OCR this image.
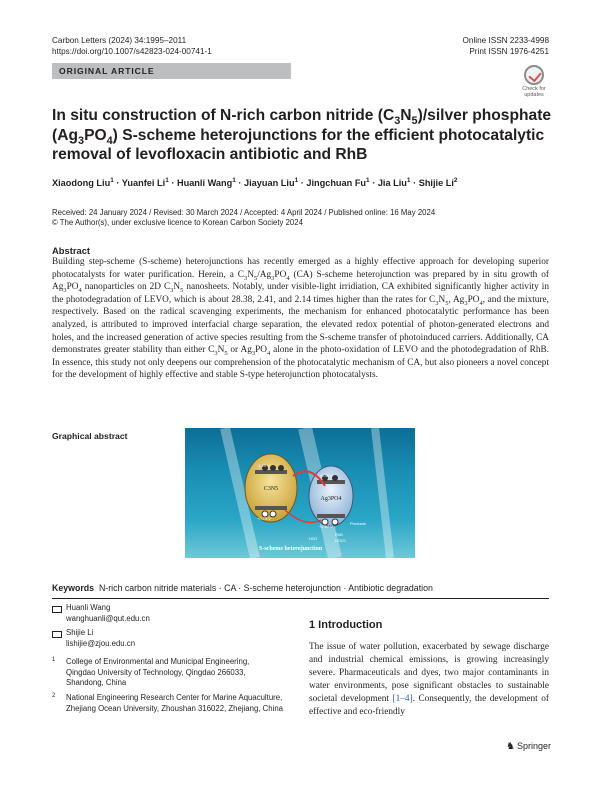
Carbon Letters (2024) 34:1995–2011
https://doi.org/10.1007/s42823-024-00741-1
Online ISSN 2233-4998
Print ISSN 1976-4251
ORIGINAL ARTICLE
Check for
updates
In situ construction of N-rich carbon nitride $(C_3N_5)$/silver phosphate
$(Ag_3PO_4)$ S-scheme heterojunctions for the efficient photocatalytic
removal of levofloxacin antibiotic and RhB
Xiaodong Liu$^1$ · Yuanfei $Li^1$ · Huanli Wang$^1$ · Jiayuan Liu$^1$ · Jingchuan $Fu^1$ · Jia Liu$^1$ · Shijie Li$^2$
Received: 24 January 2024 / Revised: 30 March 2024 / Accepted: 4 April 2024 / Published online: 16 May 2024
© The Author(s), under exclusive licence to Korean Carbon Society 2024
Abstract

Building step-scheme (S-scheme) heterojunctions has recently emerged as a highly effective approach for developing superior photocatalysts for water purification. Herein, a $C_3N_5/Ag_3PO_4$ (CA) S-scheme heterojunction was prepared by in situ growth of $Ag_3PO_4$ nanoparticles on 2D $C_3N_5$ nanosheets. Notably, under visible-light irridiation, CA exhibited significantly higher activity in the photodegradation of LEVO, which is about 28.38, 2.41, and 2.14 times higher than the rates for $C_3N_5$, $Ag_3PO_4$, and the mixture, respectively. Based on the radical scavenging experiments, the mechanism for enhanced photocatalytic performance has been analyzed, is attributed to improved interfacial charge separation, the elevated redox potential of photon-generated electrons and holes, and the increased generation of active species resulting from the S-scheme transfer of photoinduced carriers. Additionally, CA demonstrates greater stability than either $C_3N_5$ or $Ag_3PO_4$ alone in the photo-oxidation of LEVO and the photodegradation of RhB. In essence, this study not only deepens our comprehension of the photocatalytic mechanism of CA, but also pioneers a novel concept for the development of highly effective and stable S-type heterojunction photocatalysts.

Graphical abstract
C3N5
Ag3PO4
-1.29 V
+0.73 V
+0.45 V
+2.67 V
Products
RhB
LEVO
H2O
S-scheme heterojunction
Keywords N-rich carbon nitride materials · CA · S-scheme heterojunction · Antibiotic degradation
Huanli Wang
wanghuanli@qut.edu.cn
Shijie Li
lishijie@zjou.edu.cn
1 College of Environmental and Municipal Engineering, Qingdao University of Technology, Qingdao 266033, Shandong, China
2 National Engineering Research Center for Marine Aquaculture, Zhejiang Ocean University, Zhoushan 316022, Zhejiang, China
1 Introduction

The issue of water pollution, exacerbated by sewage discharge and industrial chemical emissions, is growing increasingly severe. Pharmaceuticals and dyes, two major contaminants in water environments, pose significant obstacles to sustainable societal development [1–4]. Consequently, the development of effective and eco-friendly

♞ Springer
